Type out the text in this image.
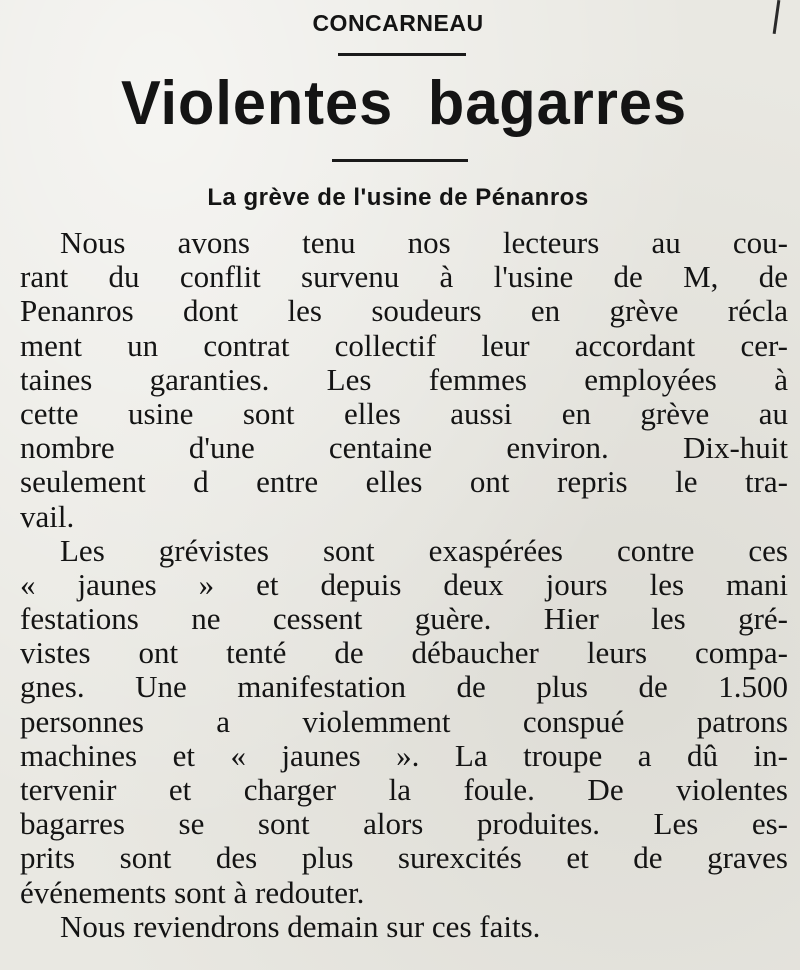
CONCARNEAU
Violentes bagarres
La grève de l'usine de Pénanros
Nous avons tenu nos lecteurs au cou-
rant du conflit survenu à l'usine de M, de
Penanros dont les soudeurs en grève récla
ment un contrat collectif leur accordant cer-
taines garanties. Les femmes employées à
cette usine sont elles aussi en grève au
nombre d'une centaine environ. Dix-huit
seulement d entre elles ont repris le tra-
vail.
Les grévistes sont exaspérées contre ces
« jaunes » et depuis deux jours les mani
festations ne cessent guère. Hier les gré-
vistes ont tenté de débaucher leurs compa-
gnes. Une manifestation de plus de 1.500
personnes a violemment conspué patrons
machines et « jaunes ». La troupe a dû in-
tervenir et charger la foule. De violentes
bagarres se sont alors produites. Les es-
prits sont des plus surexcités et de graves
événements sont à redouter.
Nous reviendrons demain sur ces faits.
